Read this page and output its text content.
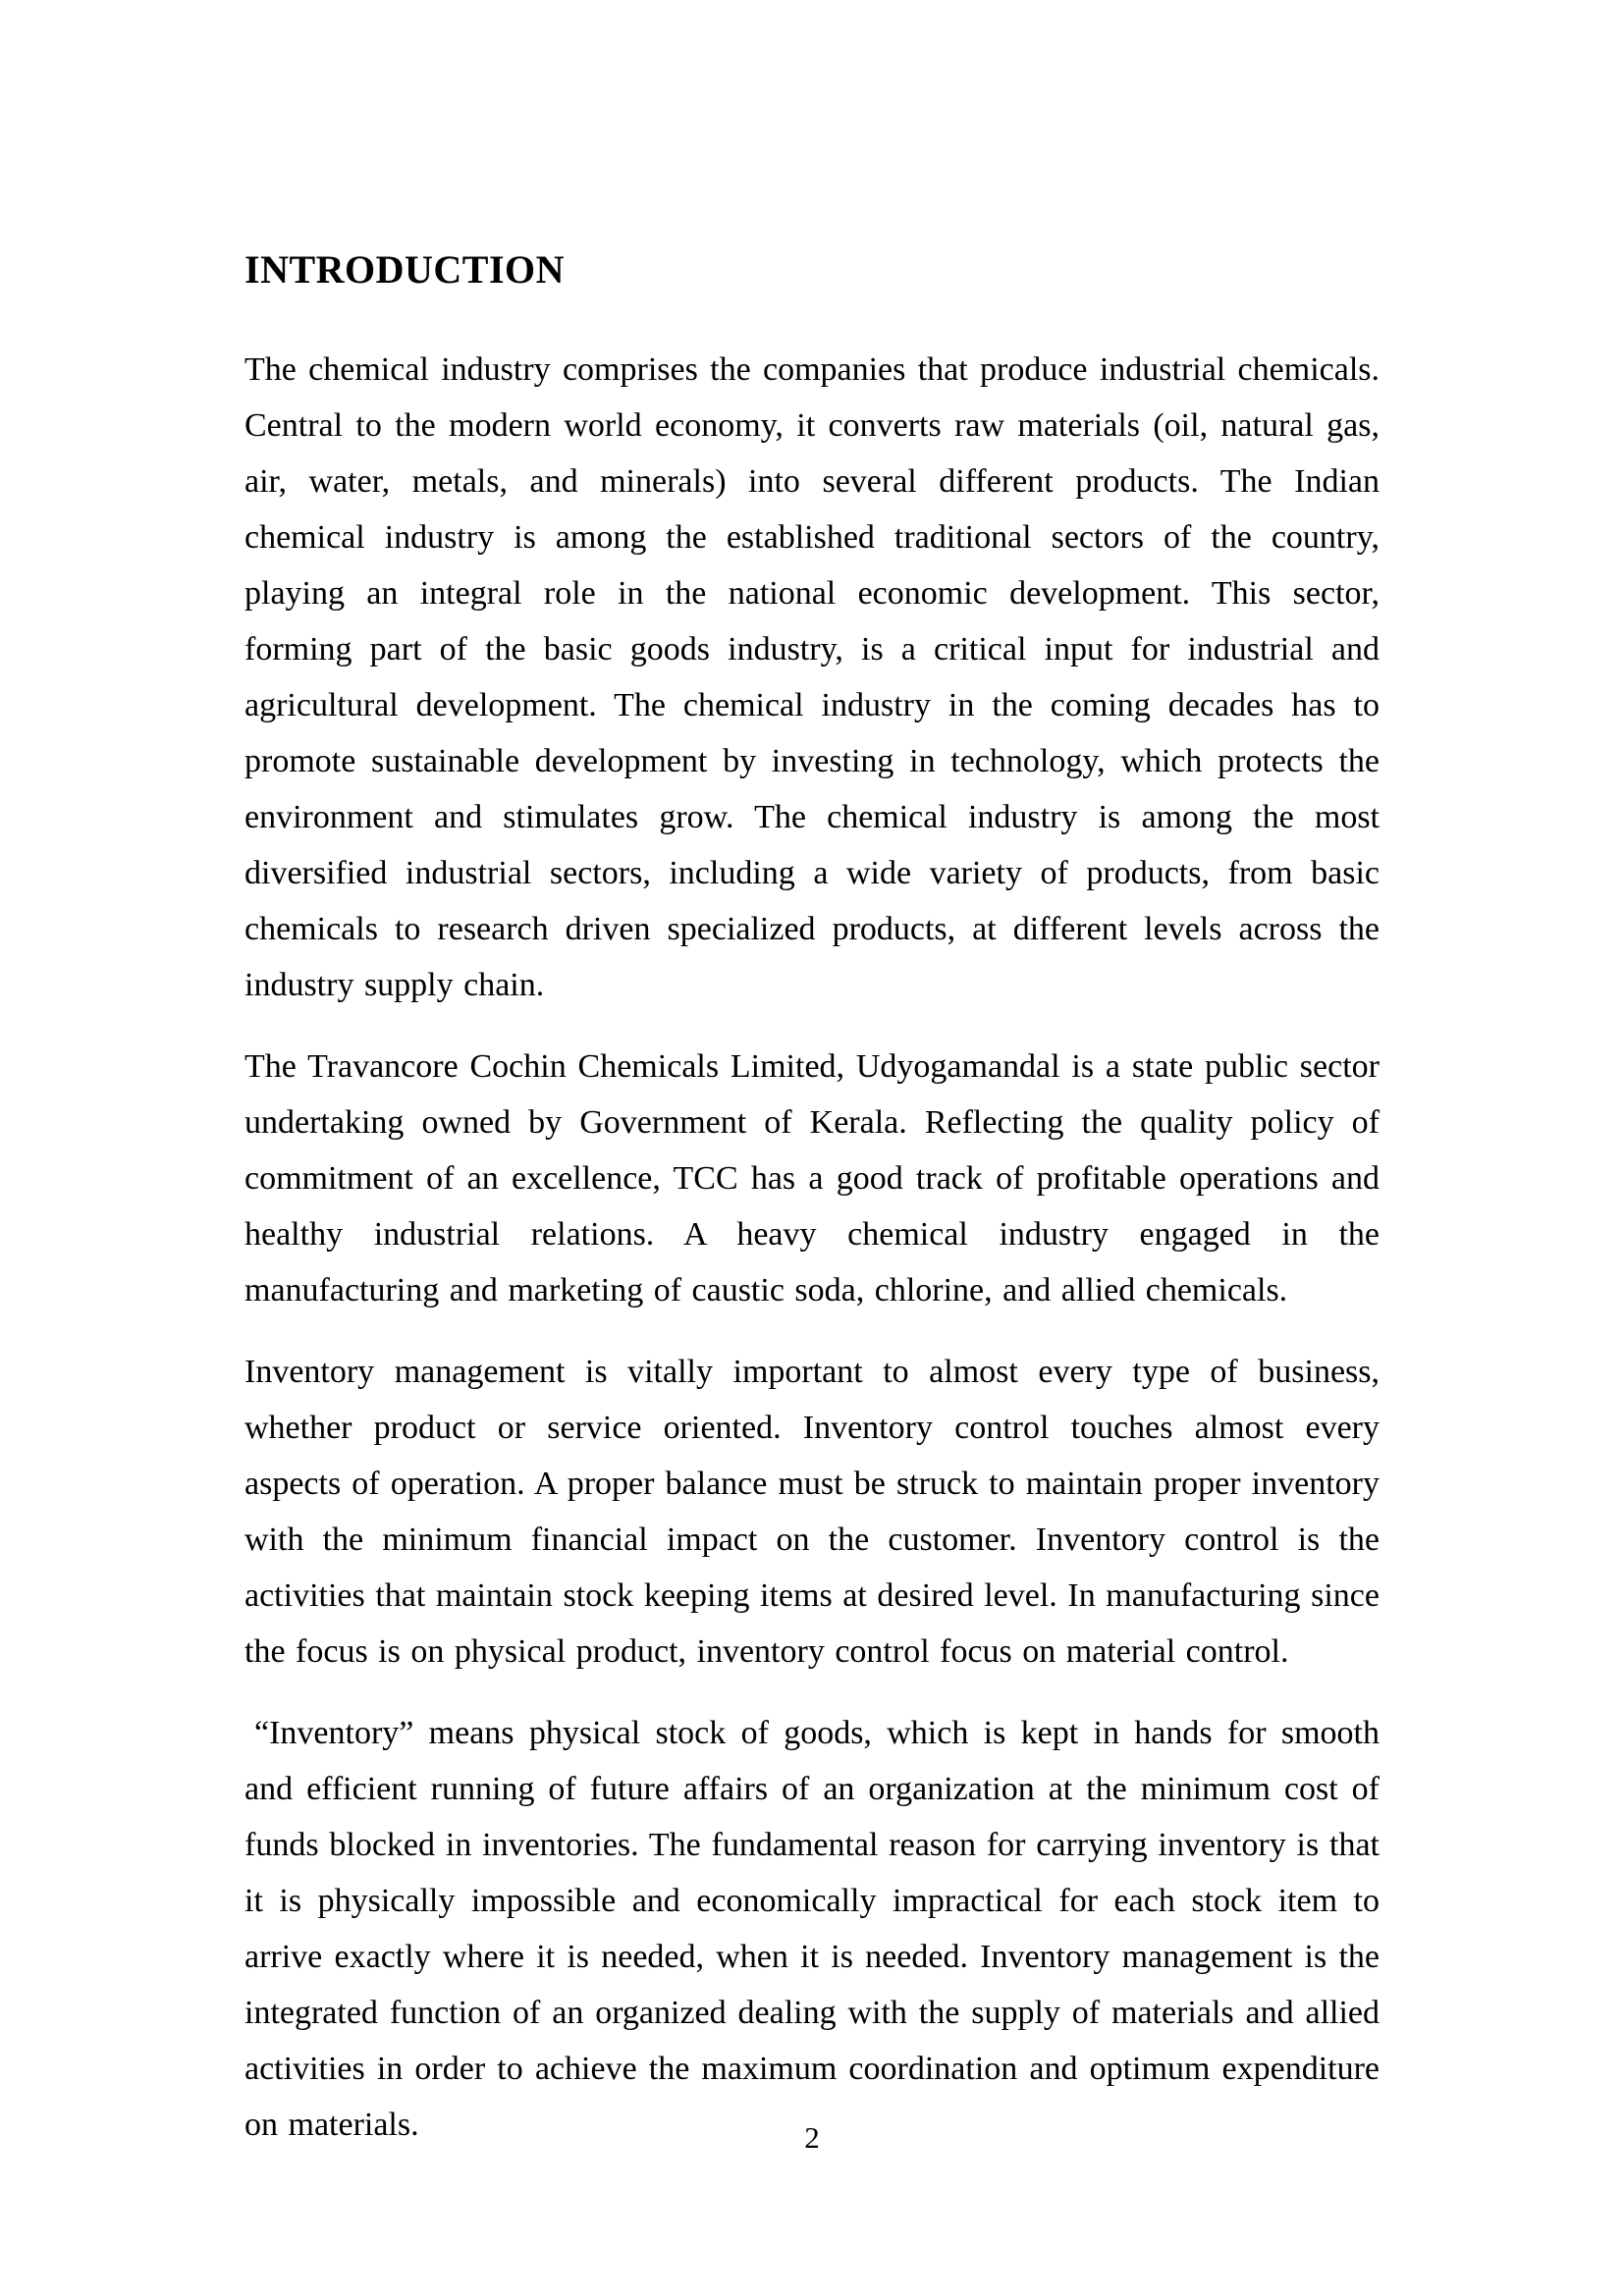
INTRODUCTION

The chemical industry comprises the companies that produce industrial chemicals. Central to the modern world economy, it converts raw materials (oil, natural gas, air, water, metals, and minerals) into several different products. The Indian chemical industry is among the established traditional sectors of the country, playing an integral role in the national economic development. This sector, forming part of the basic goods industry, is a critical input for industrial and agricultural development. The chemical industry in the coming decades has to promote sustainable development by investing in technology, which protects the environment and stimulates grow. The chemical industry is among the most diversified industrial sectors, including a wide variety of products, from basic chemicals to research driven specialized products, at different levels across the industry supply chain.

The Travancore Cochin Chemicals Limited, Udyogamandal is a state public sector undertaking owned by Government of Kerala. Reflecting the quality policy of commitment of an excellence, TCC has a good track of profitable operations and healthy industrial relations. A heavy chemical industry engaged in the manufacturing and marketing of caustic soda, chlorine, and allied chemicals.

Inventory management is vitally important to almost every type of business, whether product or service oriented. Inventory control touches almost every aspects of operation. A proper balance must be struck to maintain proper inventory with the minimum financial impact on the customer. Inventory control is the activities that maintain stock keeping items at desired level. In manufacturing since the focus is on physical product, inventory control focus on material control.

“Inventory” means physical stock of goods, which is kept in hands for smooth and efficient running of future affairs of an organization at the minimum cost of funds blocked in inventories. The fundamental reason for carrying inventory is that it is physically impossible and economically impractical for each stock item to arrive exactly where it is needed, when it is needed. Inventory management is the integrated function of an organized dealing with the supply of materials and allied activities in order to achieve the maximum coordination and optimum expenditure on materials.	2
